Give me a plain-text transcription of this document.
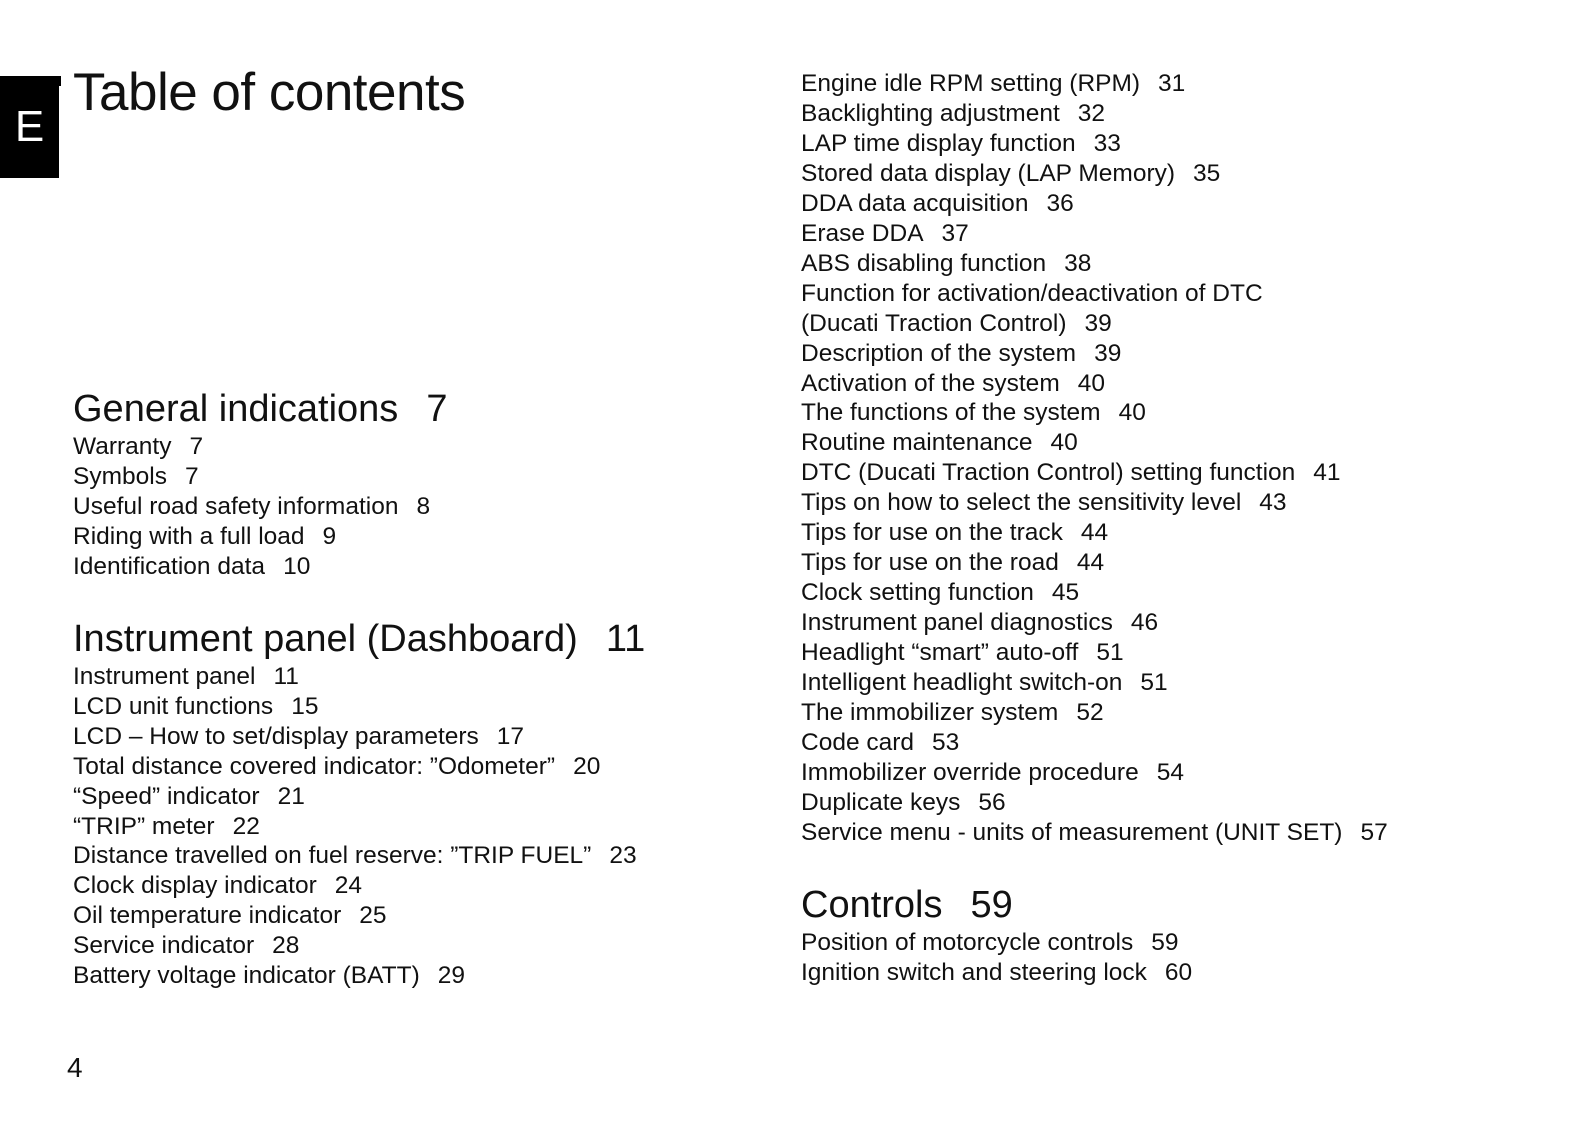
E
Table of contents
General indications 7
Warranty 7
Symbols 7
Useful road safety information 8
Riding with a full load 9
Identification data 10
Instrument panel (Dashboard) 11
Instrument panel 11
LCD unit functions 15
LCD – How to set/display parameters 17
Total distance covered indicator: ”Odometer” 20
“Speed” indicator 21
“TRIP” meter 22
Distance travelled on fuel reserve: ”TRIP FUEL” 23
Clock display indicator 24
Oil temperature indicator 25
Service indicator 28
Battery voltage indicator (BATT) 29
Engine idle RPM setting (RPM) 31
Backlighting adjustment 32
LAP time display function 33
Stored data display (LAP Memory) 35
DDA data acquisition 36
Erase DDA 37
ABS disabling function 38
Function for activation/deactivation of DTC
(Ducati Traction Control) 39
Description of the system 39
Activation of the system 40
The functions of the system 40
Routine maintenance 40
DTC (Ducati Traction Control) setting function 41
Tips on how to select the sensitivity level 43
Tips for use on the track 44
Tips for use on the road 44
Clock setting function 45
Instrument panel diagnostics 46
Headlight “smart” auto-off 51
Intelligent headlight switch-on 51
The immobilizer system 52
Code card 53
Immobilizer override procedure 54
Duplicate keys 56
Service menu - units of measurement (UNIT SET) 57
Controls 59
Position of motorcycle controls 59
Ignition switch and steering lock 60
4
